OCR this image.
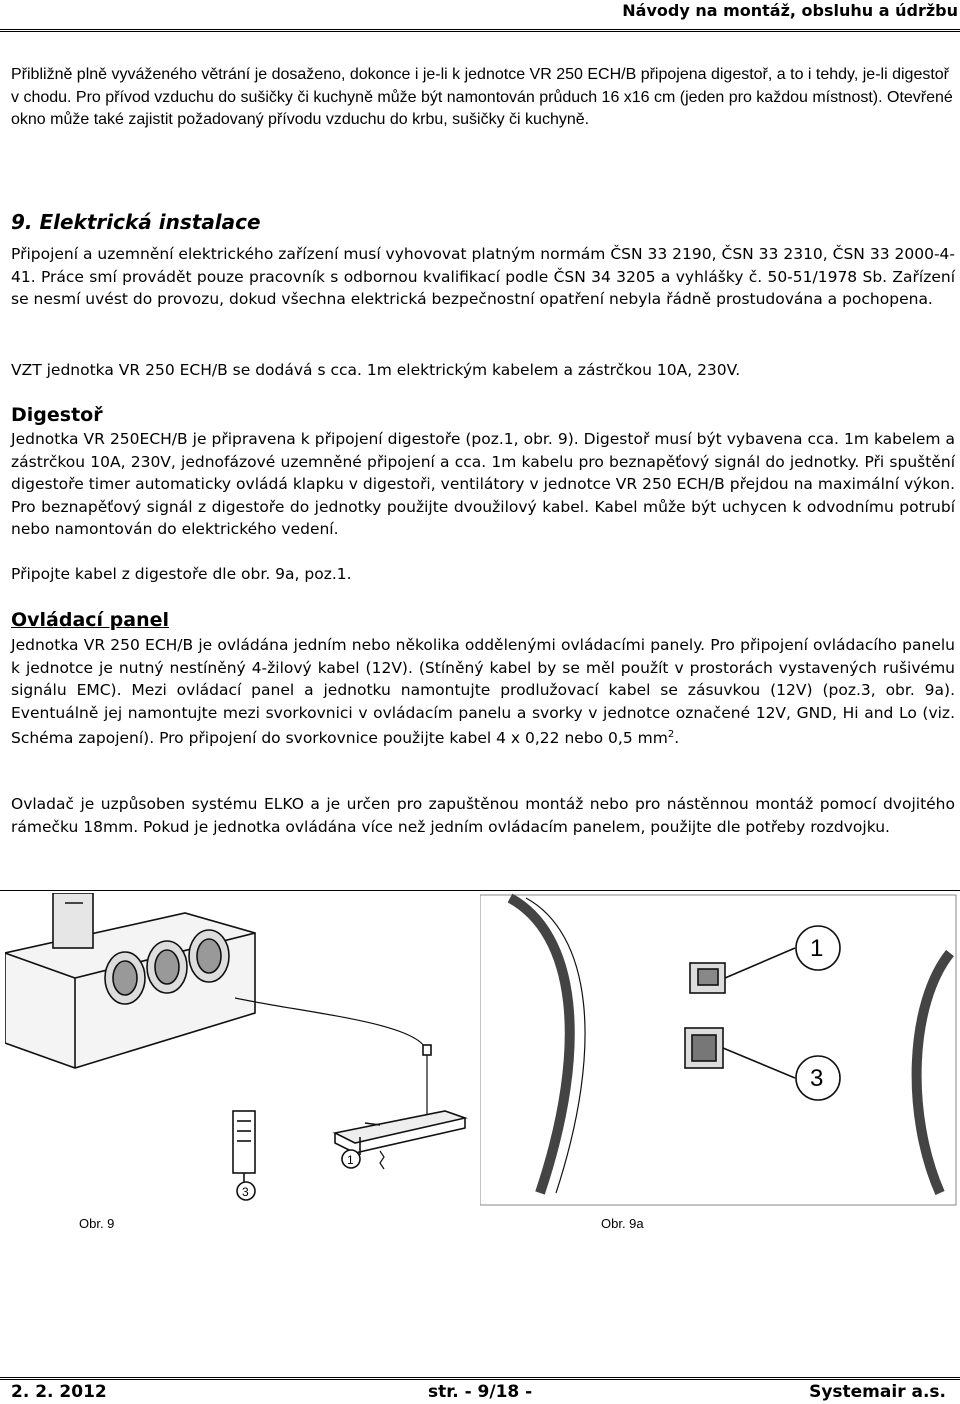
Návody na montáž, obsluhu a údržbu

Přibližně plně vyváženého větrání je dosaženo, dokonce i je-li k jednotce VR 250 ECH/B připojena digestoř, a to i tehdy, je-li digestoř v chodu. Pro přívod vzduchu do sušičky či kuchyně může být namontován průduch 16 x16 cm (jeden pro každou místnost). Otevřené okno může také zajistit požadovaný přívodu vzduchu do krbu, sušičky či kuchyně.

9. Elektrická instalace

Připojení a uzemnění elektrického zařízení musí vyhovovat platným normám ČSN 33 2190, ČSN 33 2310, ČSN 33 2000-4-41. Práce smí provádět pouze pracovník s odbornou kvalifikací podle ČSN 34 3205 a vyhlášky č. 50-51/1978 Sb. Zařízení se nesmí uvést do provozu, dokud všechna elektrická bezpečnostní opatření nebyla řádně prostudována a pochopena.

VZT jednotka VR 250 ECH/B se dodává s cca. 1m elektrickým kabelem a zástrčkou 10A, 230V.

Digestoř

Jednotka VR 250ECH/B je připravena k připojení digestoře (poz.1, obr. 9). Digestoř musí být vybavena cca. 1m kabelem a zástrčkou 10A, 230V, jednofázové uzemněné připojení a cca. 1m kabelu pro beznapěťový signál do jednotky. Při spuštění digestoře timer automaticky ovládá klapku v digestoři, ventilátory v jednotce VR 250 ECH/B přejdou na maximální výkon. Pro beznapěťový signál z digestoře do jednotky použijte dvoužilový kabel. Kabel může být uchycen k odvodnímu potrubí nebo namontován do elektrického vedení.

Připojte kabel z digestoře dle obr. 9a, poz.1.

Ovládací panel

Jednotka VR 250 ECH/B je ovládána jedním nebo několika oddělenými ovládacími panely. Pro připojení ovládacího panelu k jednotce je nutný nestíněný 4-žilový kabel (12V). (Stíněný kabel by se měl použít v prostorách vystavených rušivému signálu EMC). Mezi ovládací panel a jednotku namontujte prodlužovací kabel se zásuvkou (12V) (poz.3, obr. 9a). Eventuálně jej namontujte mezi svorkovnici v ovládacím panelu a svorky v jednotce označené 12V, GND, Hi and Lo (viz. Schéma zapojení). Pro připojení do svorkovnice použijte kabel 4 x 0,22 nebo 0,5 $mm^2$.

Ovladač je uzpůsoben systému ELKO a je určen pro zapuštěnou montáž nebo pro nástěnnou montáž pomocí dvojitého rámečku 18mm. Pokud je jednotka ovládána více než jedním ovládacím panelem, použijte dle potřeby rozdvojku.

1
3
1
3
Obr. 9	Obr. 9a
2. 2. 2012	str. - 9/18 -	Systemair a.s.
